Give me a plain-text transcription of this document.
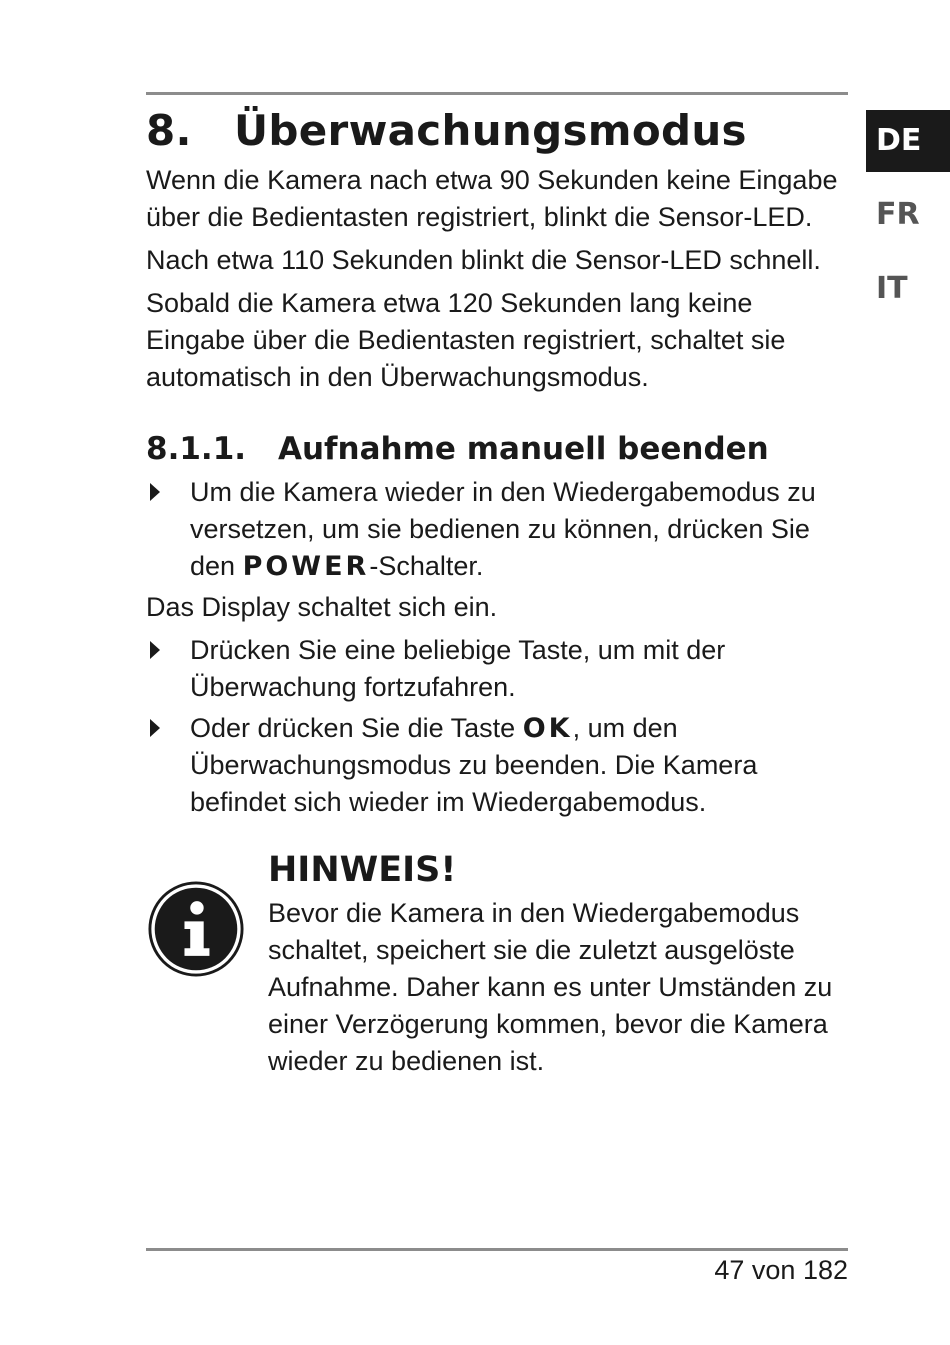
DE
FR
IT
8. Überwachungsmodus

Wenn die Kamera nach etwa 90 Sekunden keine Eingabe über die Bedientasten registriert, blinkt die Sensor-LED.

Nach etwa 110 Sekunden blinkt die Sensor-LED schnell.

Sobald die Kamera etwa 120 Sekunden lang keine Eingabe über die Bedientasten registriert, schaltet sie automatisch in den Überwachungsmodus.

8.1.1. Aufnahme manuell beenden
Um die Kamera wieder in den Wiedergabemodus zu versetzen, um sie bedienen zu können, drücken Sie den POWER-Schalter.

Das Display schaltet sich ein.

Drücken Sie eine beliebige Taste, um mit der Überwachung fortzufahren.
Oder drücken Sie die Taste OK, um den Überwachungsmodus zu beenden. Die Kamera befindet sich wieder im Wiedergabemodus.
HINWEIS!

Bevor die Kamera in den Wiedergabemodus schaltet, speichert sie die zuletzt ausgelöste Aufnahme. Daher kann es unter Umständen zu einer Verzögerung kommen, bevor die Kamera wieder zu bedienen ist.

47 von 182
